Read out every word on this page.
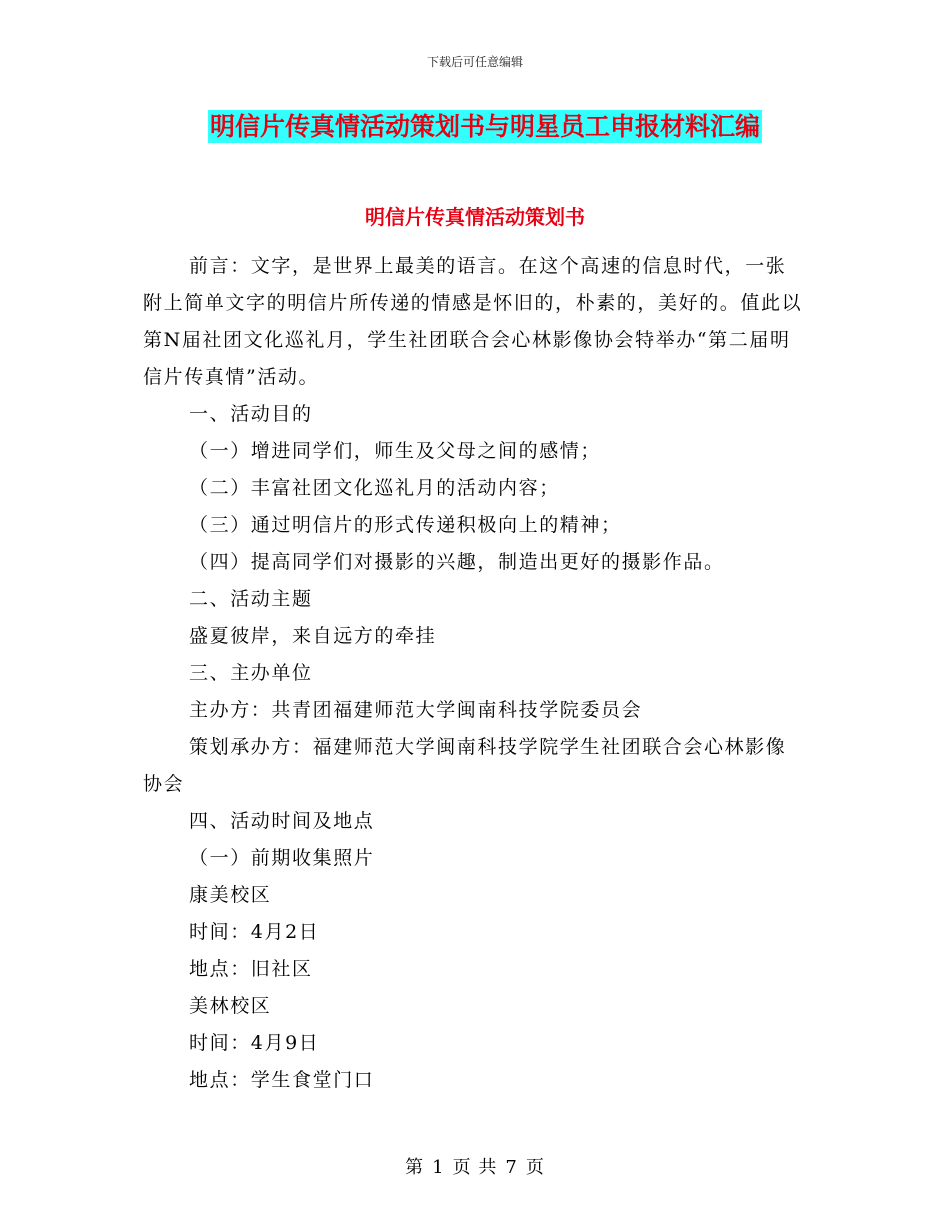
下载后可任意编辑
明信片传真情活动策划书与明星员工申报材料汇编
明信片传真情活动策划书

前言：文字，是世界上最美的语言。在这个高速的信息时代，一张附上简单文字的明信片所传递的情感是怀旧的，朴素的，美好的。值此以第N届社团文化巡礼月，学生社团联合会心林影像协会特举办“第二届明信片传真情”活动。

一、活动目的

（一）增进同学们，师生及父母之间的感情；

（二）丰富社团文化巡礼月的活动内容；

（三）通过明信片的形式传递积极向上的精神；

（四）提高同学们对摄影的兴趣，制造出更好的摄影作品。

二、活动主题

盛夏彼岸，来自远方的牵挂

三、主办单位

主办方：共青团福建师范大学闽南科技学院委员会

策划承办方：福建师范大学闽南科技学院学生社团联合会心林影像协会

四、活动时间及地点

（一）前期收集照片

康美校区

时间：4月2日

地点：旧社区

美林校区

时间：4月9日

地点：学生食堂门口

第 1 页 共 7 页
